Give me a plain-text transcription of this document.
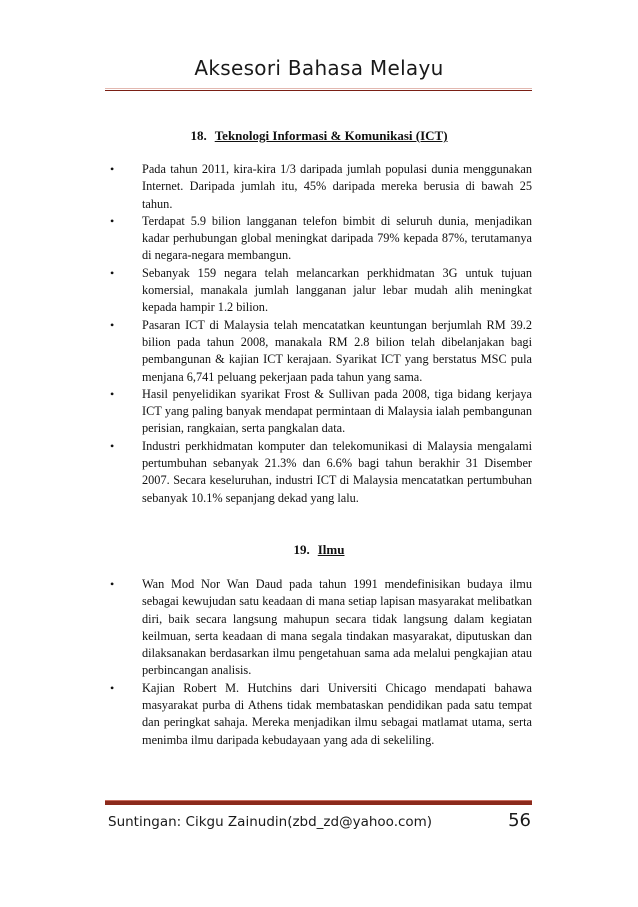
Aksesori Bahasa Melayu
18. Teknologi Informasi & Komunikasi (ICT)
• Pada tahun 2011, kira-kira 1/3 daripada jumlah populasi dunia menggunakan Internet. Daripada jumlah itu, 45% daripada mereka berusia di bawah 25 tahun.
• Terdapat 5.9 bilion langganan telefon bimbit di seluruh dunia, menjadikan kadar perhubungan global meningkat daripada 79% kepada 87%, terutamanya di negara-negara membangun.
• Sebanyak 159 negara telah melancarkan perkhidmatan 3G untuk tujuan komersial, manakala jumlah langganan jalur lebar mudah alih meningkat kepada hampir 1.2 bilion.
• Pasaran ICT di Malaysia telah mencatatkan keuntungan berjumlah RM 39.2 bilion pada tahun 2008, manakala RM 2.8 bilion telah dibelanjakan bagi pembangunan & kajian ICT kerajaan. Syarikat ICT yang berstatus MSC pula menjana 6,741 peluang pekerjaan pada tahun yang sama.
• Hasil penyelidikan syarikat Frost & Sullivan pada 2008, tiga bidang kerjaya ICT yang paling banyak mendapat permintaan di Malaysia ialah pembangunan perisian, rangkaian, serta pangkalan data.
• Industri perkhidmatan komputer dan telekomunikasi di Malaysia mengalami pertumbuhan sebanyak 21.3% dan 6.6% bagi tahun berakhir 31 Disember 2007. Secara keseluruhan, industri ICT di Malaysia mencatatkan pertumbuhan sebanyak 10.1% sepanjang dekad yang lalu.
19. Ilmu
• Wan Mod Nor Wan Daud pada tahun 1991 mendefinisikan budaya ilmu sebagai kewujudan satu keadaan di mana setiap lapisan masyarakat melibatkan diri, baik secara langsung mahupun secara tidak langsung dalam kegiatan keilmuan, serta keadaan di mana segala tindakan masyarakat, diputuskan dan dilaksanakan berdasarkan ilmu pengetahuan sama ada melalui pengkajian atau perbincangan analisis.
• Kajian Robert M. Hutchins dari Universiti Chicago mendapati bahawa masyarakat purba di Athens tidak membataskan pendidikan pada satu tempat dan peringkat sahaja. Mereka menjadikan ilmu sebagai matlamat utama, serta menimba ilmu daripada kebudayaan yang ada di sekeliling.
Suntingan: Cikgu Zainudin(zbd_zd@yahoo.com)	56
